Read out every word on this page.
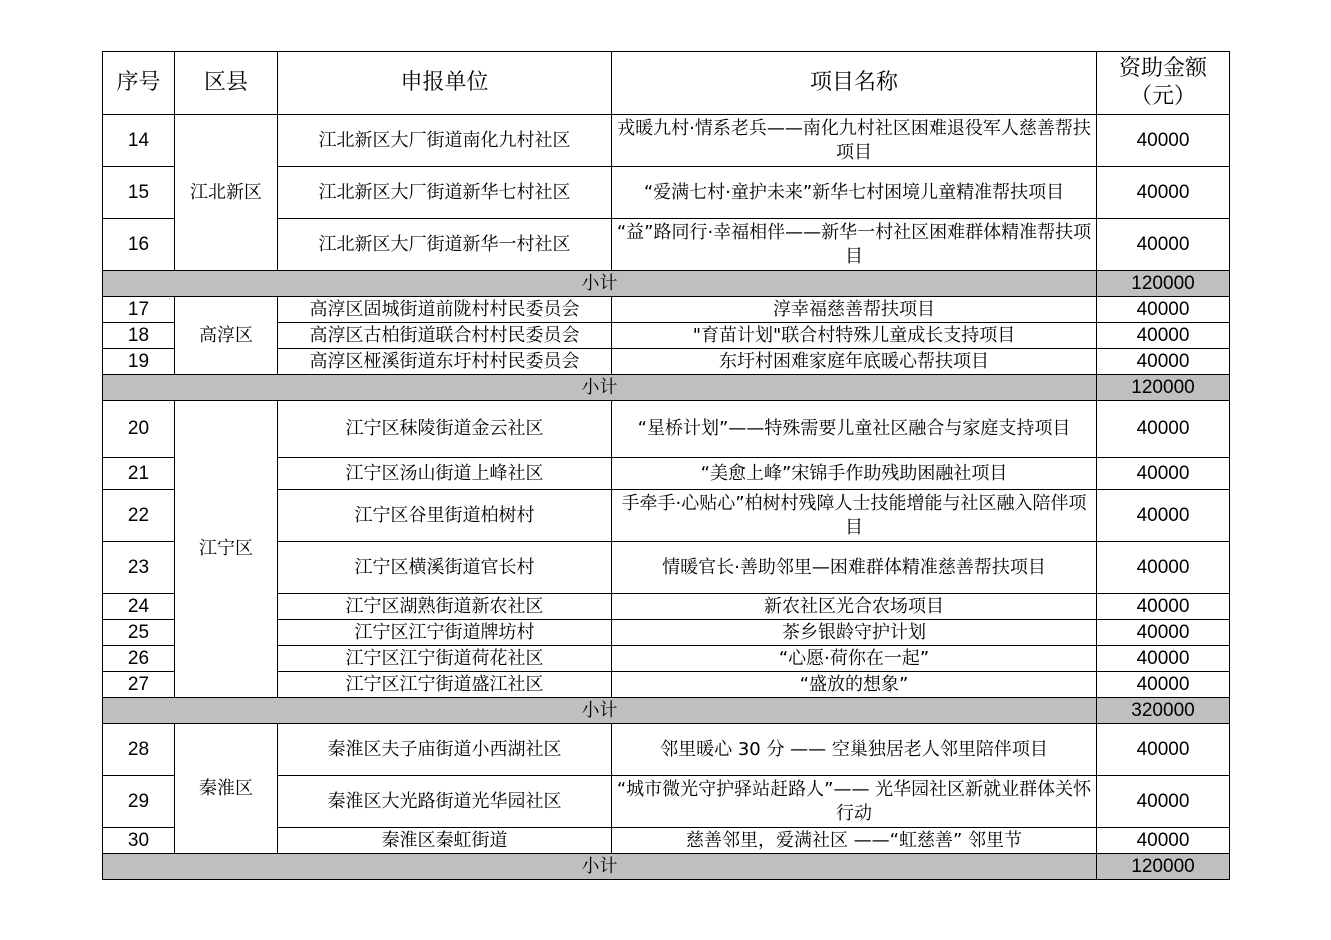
序号	区县	申报单位	项目名称	资助金额
（元）

14	江北新区	江北新区大厂街道南化九村社区	戎暖九村·情系老兵——南化九村社区困难退役军人慈善帮扶项目	40000
15		江北新区大厂街道新华七村社区	“爱满七村·童护未来”新华七村困境儿童精准帮扶项目	40000
16		江北新区大厂街道新华一村社区	“益”路同行·幸福相伴——新华一村社区困难群体精准帮扶项目	40000
小计				120000
17	高淳区	高淳区固城街道前陇村村民委员会	淳幸福慈善帮扶项目	40000
18		高淳区古柏街道联合村村民委员会	"育苗计划"联合村特殊儿童成长支持项目	40000
19		高淳区桠溪街道东圩村村民委员会	东圩村困难家庭年底暖心帮扶项目	40000
小计				120000
20	江宁区	江宁区秣陵街道金云社区	“星桥计划”——特殊需要儿童社区融合与家庭支持项目	40000
21		江宁区汤山街道上峰社区	“美愈上峰”宋锦手作助残助困融社项目	40000
22		江宁区谷里街道柏树村	手牵手·心贴心”柏树村残障人士技能增能与社区融入陪伴项目	40000
23		江宁区横溪街道官长村	情暖官长·善助邻里—困难群体精准慈善帮扶项目	40000
24		江宁区湖熟街道新农社区	新农社区光合农场项目	40000
25		江宁区江宁街道牌坊村	茶乡银龄守护计划	40000
26		江宁区江宁街道荷花社区	“心愿·荷你在一起”	40000
27		江宁区江宁街道盛江社区	“盛放的想象”	40000
小计				320000
28	秦淮区	秦淮区夫子庙街道小西湖社区	邻里暖心 30 分 —— 空巢独居老人邻里陪伴项目	40000
29		秦淮区大光路街道光华园社区	“城市微光守护驿站赶路人”—— 光华园社区新就业群体关怀行动	40000
30		秦淮区秦虹街道	慈善邻里，爱满社区 ——“虹慈善” 邻里节	40000
小计				120000
